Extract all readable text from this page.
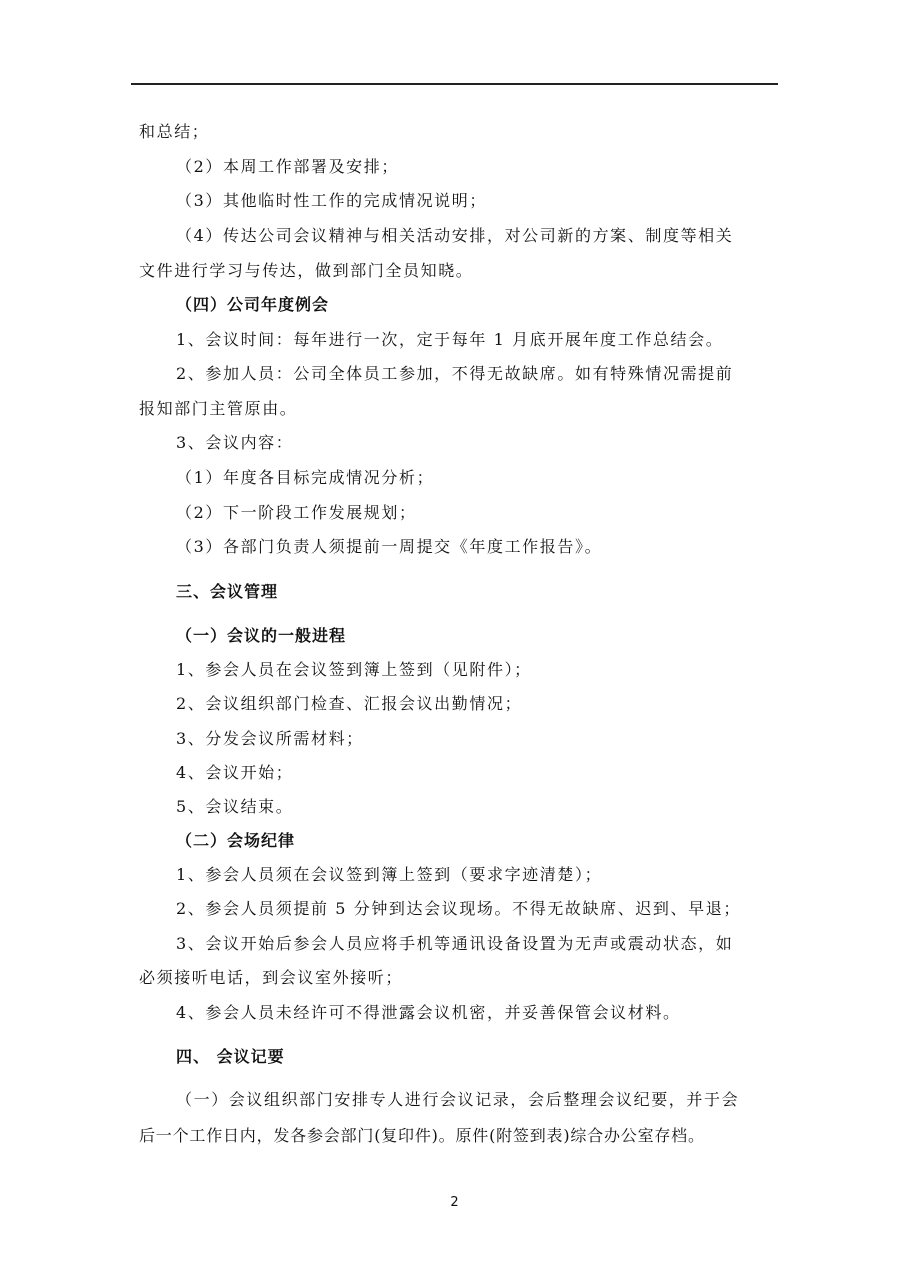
和总结；
（2）本周工作部署及安排；
（3）其他临时性工作的完成情况说明；
（4）传达公司会议精神与相关活动安排，对公司新的方案、制度等相关
文件进行学习与传达，做到部门全员知晓。
（四）公司年度例会
1、会议时间：每年进行一次，定于每年 1 月底开展年度工作总结会。
2、参加人员：公司全体员工参加，不得无故缺席。如有特殊情况需提前
报知部门主管原由。
3、会议内容：
（1）年度各目标完成情况分析；
（2）下一阶段工作发展规划；
（3）各部门负责人须提前一周提交《年度工作报告》。
三、会议管理
（一）会议的一般进程
1、参会人员在会议签到簿上签到（见附件）；
2、会议组织部门检查、汇报会议出勤情况；
3、分发会议所需材料；
4、会议开始；
5、会议结束。
（二）会场纪律
1、参会人员须在会议签到簿上签到（要求字迹清楚）；
2、参会人员须提前 5 分钟到达会议现场。不得无故缺席、迟到、早退；
3、会议开始后参会人员应将手机等通讯设备设置为无声或震动状态，如
必须接听电话，到会议室外接听；
4、参会人员未经许可不得泄露会议机密，并妥善保管会议材料。
四、 会议记要
（一）会议组织部门安排专人进行会议记录，会后整理会议纪要，并于会
后一个工作日内，发各参会部门(复印件)。原件(附签到表)综合办公室存档。
2
